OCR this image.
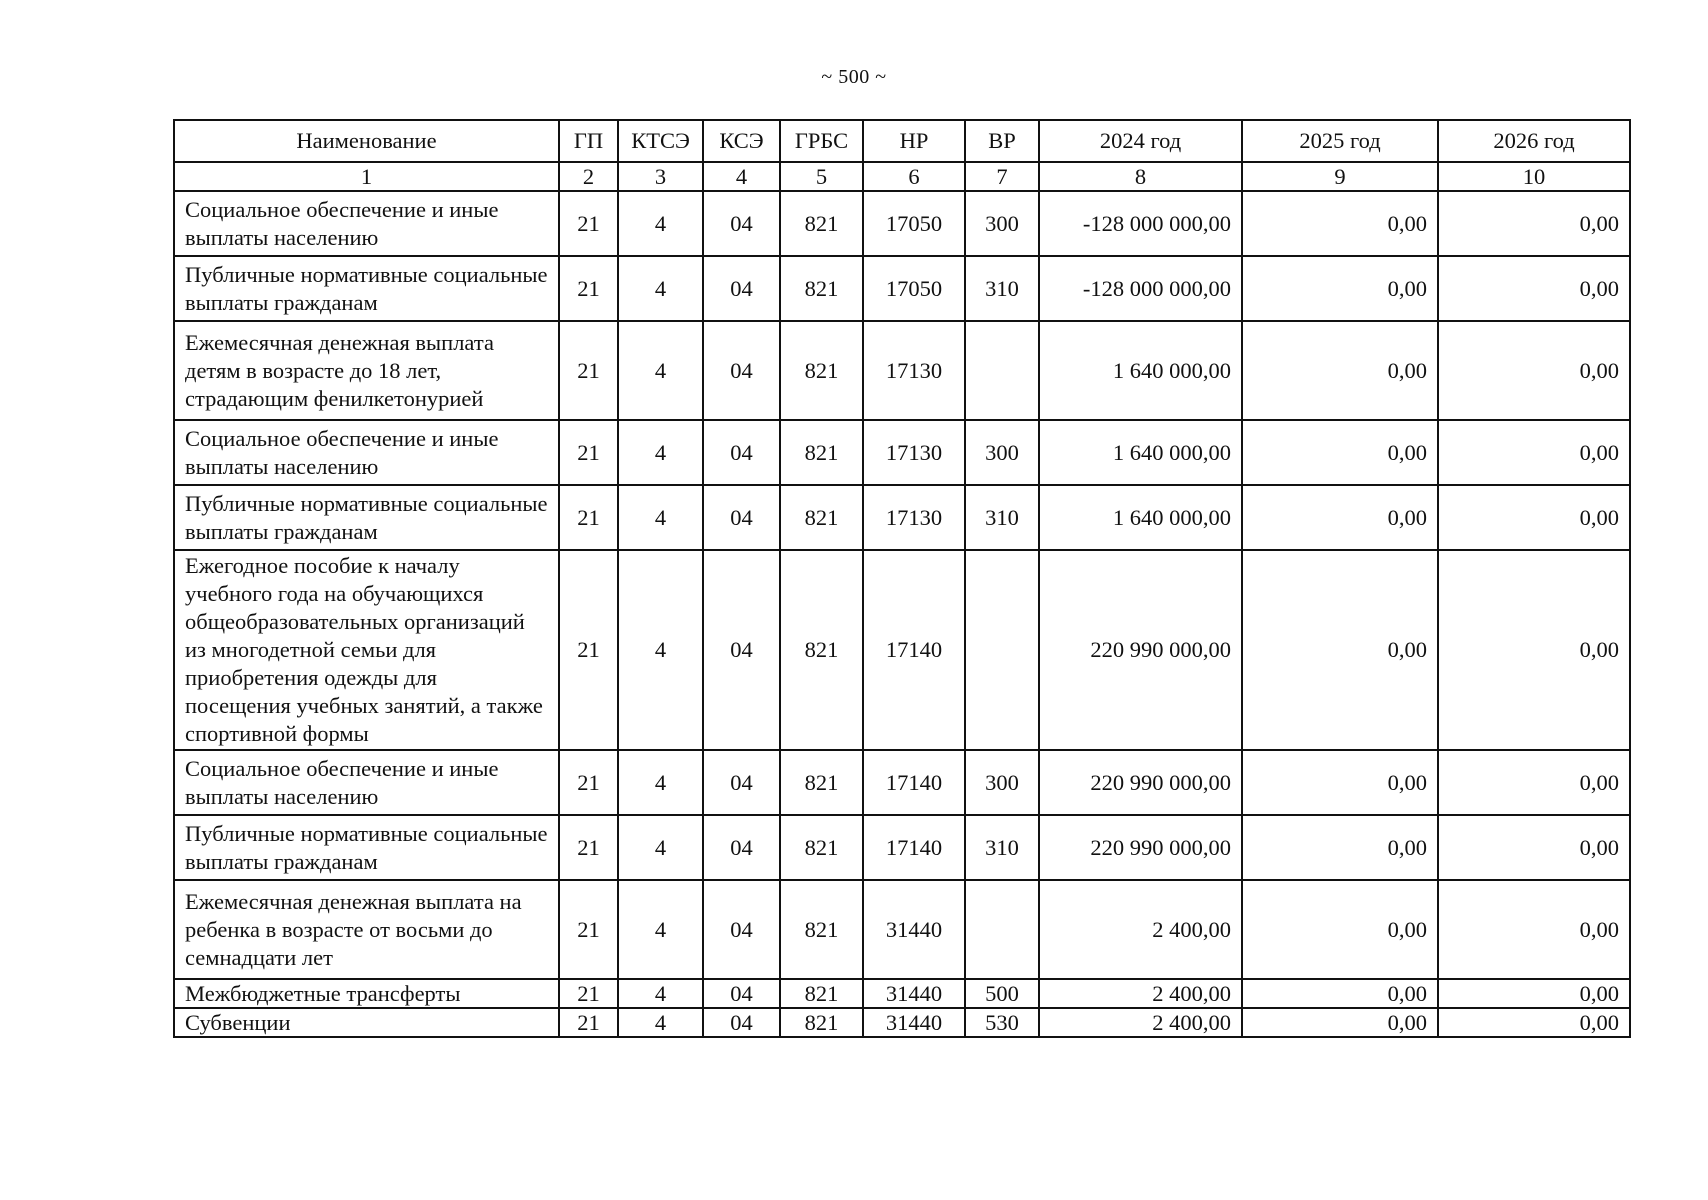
~ 500 ~
Наименование	ГП	КТСЭ	КСЭ	ГРБС	НР	ВР	2024 год	2025 год	2026 год
1	2	3	4	5	6	7	8	9	10
Социальное обеспечение и иные выплаты населению	21	4	04	821	17050	300	-128 000 000,00	0,00	0,00
Публичные нормативные социальные выплаты гражданам	21	4	04	821	17050	310	-128 000 000,00	0,00	0,00
Ежемесячная денежная выплата детям в возрасте до 18 лет, страдающим фенилкетонурией	21	4	04	821	17130		1 640 000,00	0,00	0,00
Социальное обеспечение и иные выплаты населению	21	4	04	821	17130	300	1 640 000,00	0,00	0,00
Публичные нормативные социальные выплаты гражданам	21	4	04	821	17130	310	1 640 000,00	0,00	0,00
Ежегодное пособие к началу учебного года на обучающихся общеобразовательных организаций из многодетной семьи для приобретения одежды для посещения учебных занятий, а также спортивной формы	21	4	04	821	17140		220 990 000,00	0,00	0,00
Социальное обеспечение и иные выплаты населению	21	4	04	821	17140	300	220 990 000,00	0,00	0,00
Публичные нормативные социальные выплаты гражданам	21	4	04	821	17140	310	220 990 000,00	0,00	0,00
Ежемесячная денежная выплата на ребенка в возрасте от восьми до семнадцати лет	21	4	04	821	31440		2 400,00	0,00	0,00
Межбюджетные трансферты	21	4	04	821	31440	500	2 400,00	0,00	0,00
Субвенции	21	4	04	821	31440	530	2 400,00	0,00	0,00
